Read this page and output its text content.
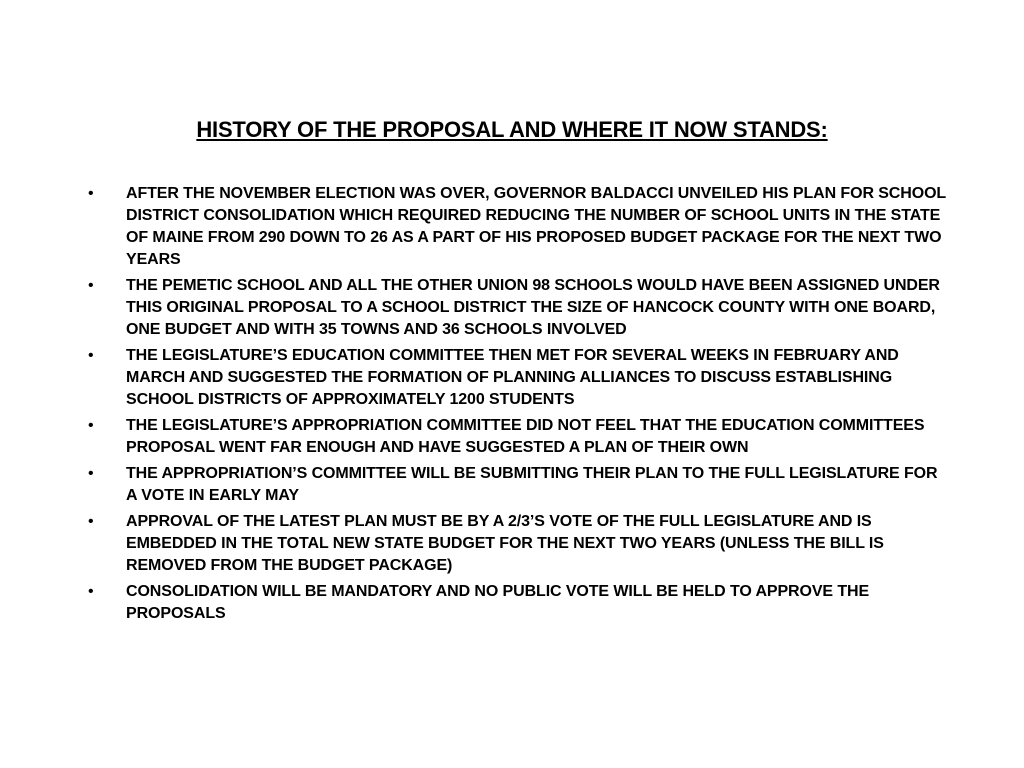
HISTORY OF THE PROPOSAL AND WHERE IT NOW STANDS:
• AFTER THE NOVEMBER ELECTION WAS OVER, GOVERNOR BALDACCI UNVEILED HIS PLAN FOR SCHOOL DISTRICT CONSOLIDATION WHICH REQUIRED REDUCING THE NUMBER OF SCHOOL UNITS IN THE STATE OF MAINE FROM 290 DOWN TO 26 AS A PART OF HIS PROPOSED BUDGET PACKAGE FOR THE NEXT TWO YEARS
• THE PEMETIC SCHOOL AND ALL THE OTHER UNION 98 SCHOOLS WOULD HAVE BEEN ASSIGNED UNDER THIS ORIGINAL PROPOSAL TO A SCHOOL DISTRICT THE SIZE OF HANCOCK COUNTY WITH ONE BOARD, ONE BUDGET AND WITH 35 TOWNS AND 36 SCHOOLS INVOLVED
• THE LEGISLATURE’S EDUCATION COMMITTEE THEN MET FOR SEVERAL WEEKS IN FEBRUARY AND MARCH AND SUGGESTED THE FORMATION OF PLANNING ALLIANCES TO DISCUSS ESTABLISHING SCHOOL DISTRICTS OF APPROXIMATELY 1200 STUDENTS
• THE LEGISLATURE’S APPROPRIATION COMMITTEE DID NOT FEEL THAT THE EDUCATION COMMITTEES PROPOSAL WENT FAR ENOUGH AND HAVE SUGGESTED A PLAN OF THEIR OWN
• THE APPROPRIATION’S COMMITTEE WILL BE SUBMITTING THEIR PLAN TO THE FULL LEGISLATURE FOR A VOTE IN EARLY MAY
• APPROVAL OF THE LATEST PLAN MUST BE BY A 2/3’S VOTE OF THE FULL LEGISLATURE AND IS EMBEDDED IN THE TOTAL NEW STATE BUDGET FOR THE NEXT TWO YEARS (UNLESS THE BILL IS REMOVED FROM THE BUDGET PACKAGE)
• CONSOLIDATION WILL BE MANDATORY AND NO PUBLIC VOTE WILL BE HELD TO APPROVE THE PROPOSALS
